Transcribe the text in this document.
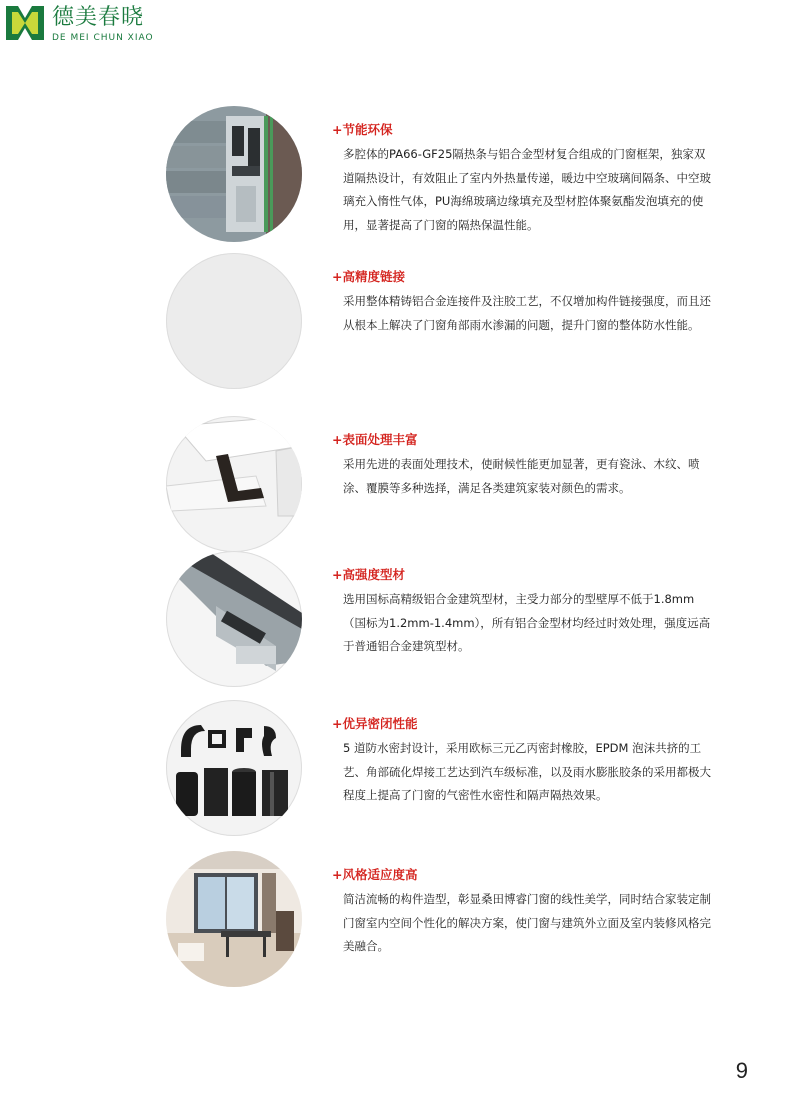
德美春晓
DE MEI CHUN XIAO
+节能环保
多腔体的PA66-GF25隔热条与铝合金型材复合组成的门窗框架，独家双道隔热设计，有效阻止了室内外热量传递，暖边中空玻璃间隔条、中空玻璃充入惰性气体，PU海绵玻璃边缘填充及型材腔体聚氨酯发泡填充的使用，显著提高了门窗的隔热保温性能。
+高精度链接
采用整体精铸铝合金连接件及注胶工艺，不仅增加构件链接强度，而且还从根本上解决了门窗角部雨水渗漏的问题，提升门窗的整体防水性能。
+表面处理丰富
采用先进的表面处理技术，使耐候性能更加显著，更有瓷泳、木纹、喷涂、覆膜等多种选择，满足各类建筑家装对颜色的需求。
+高强度型材
选用国标高精级铝合金建筑型材，主受力部分的型壁厚不低于1.8mm（国标为1.2mm-1.4mm），所有铝合金型材均经过时效处理，强度远高于普通铝合金建筑型材。
+优异密闭性能
5 道防水密封设计，采用欧标三元乙丙密封橡胶，EPDM 泡沫共挤的工艺、角部硫化焊接工艺达到汽车级标准，以及雨水膨胀胶条的采用都极大程度上提高了门窗的气密性水密性和隔声隔热效果。
+风格适应度高
简洁流畅的构件造型，彰显桑田博睿门窗的线性美学，同时结合家装定制门窗室内空间个性化的解决方案，使门窗与建筑外立面及室内装修风格完美融合。
9
